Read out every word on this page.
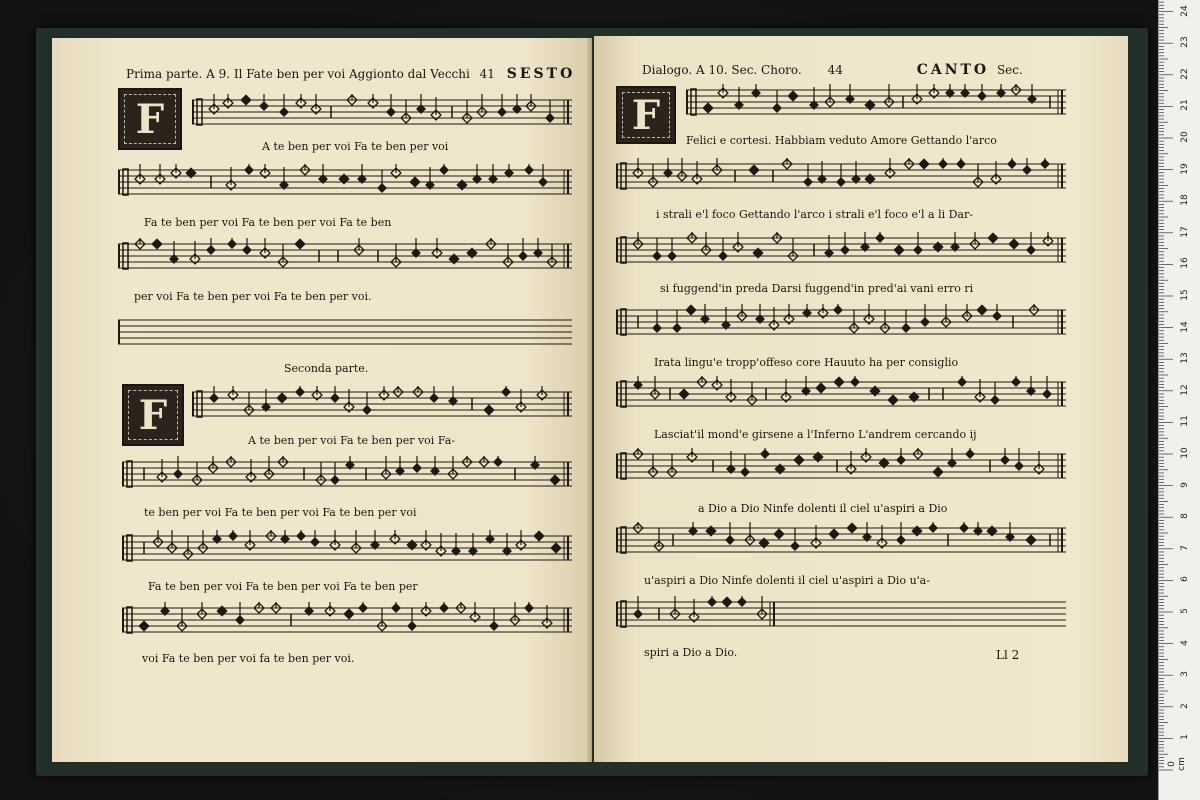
Prima parte. A 9. Il Fate ben per voi Aggionto dal Vecchi 41 SESTO
F
A te ben per voi Fa te ben per voi
Fa te ben per voi Fa te ben per voi Fa te ben
per voi Fa te ben per voi Fa te ben per voi.
Seconda parte.
F
A te ben per voi Fa te ben per voi Fa-
te ben per voi Fa te ben per voi Fa te ben per voi
Fa te ben per voi Fa te ben per voi Fa te ben per
voi Fa te ben per voi fa te ben per voi.
Dialogo. A 10. Sec. Choro. 44	CANTO Sec.
F
Felici e cortesi. Habbiam veduto Amore Gettando l'arco
i strali e'l foco Gettando l'arco i strali e'l foco e'l a li Dar-
si fuggend'in preda Darsi fuggend'in pred'ai vani erro ri
Irata lingu'e tropp'offeso core Hauuto ha per consiglio
Lasciat'il mond'e girsene a l'Inferno L'andrem cercando ij
a Dio a Dio Ninfe dolenti il ciel u'aspiri a Dio
u'aspiri a Dio Ninfe dolenti il ciel u'aspiri a Dio u'a-
spiri a Dio a Dio.	Ll 2
0 cm
1
2
3
4
5
6
7
8
9
10
11
12
13
14
15
16
17
18
19
20
21
22
23
24
